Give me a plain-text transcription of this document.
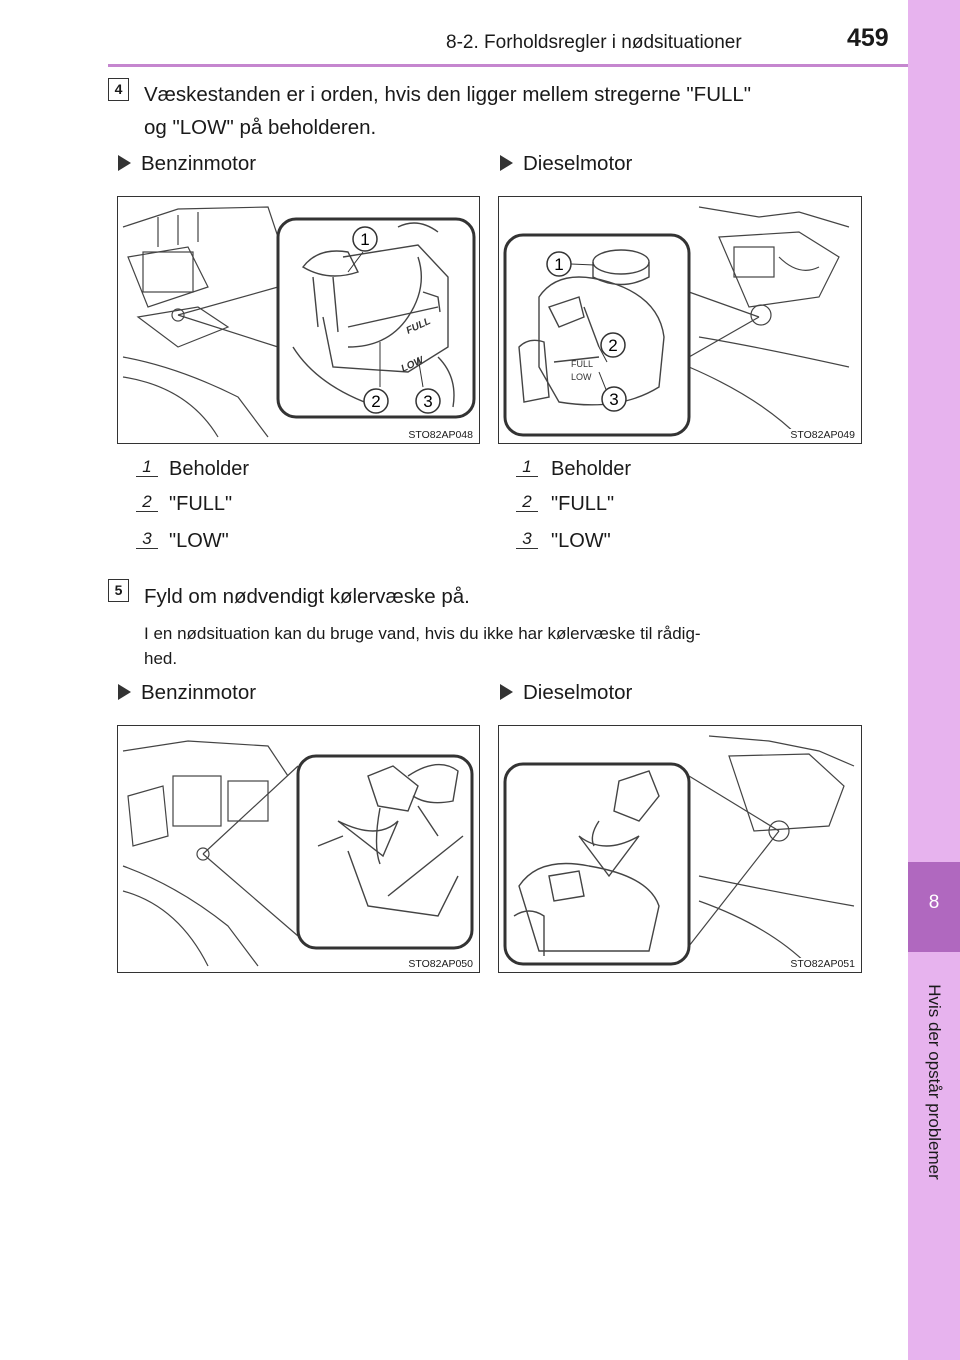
8-2. Forholdsregler i nødsituationer	459
8
Hvis der opstår problemer
4	Væskestanden er i orden, hvis den ligger mellem stregerne "FULL"
og "LOW" på beholderen.
Benzinmotor	Dieselmotor
FULL
LOW
1
2	3
STO82AP048
FULL
LOW
1
2
3
STO82AP049
1 Beholder
2 "FULL"
3 "LOW"
1 Beholder
2 "FULL"
3 "LOW"
5	Fyld om nødvendigt kølervæske på.
I en nødsituation kan du bruge vand, hvis du ikke har kølervæske til rådig-
hed.
Benzinmotor	Dieselmotor
STO82AP050	STO82AP051
